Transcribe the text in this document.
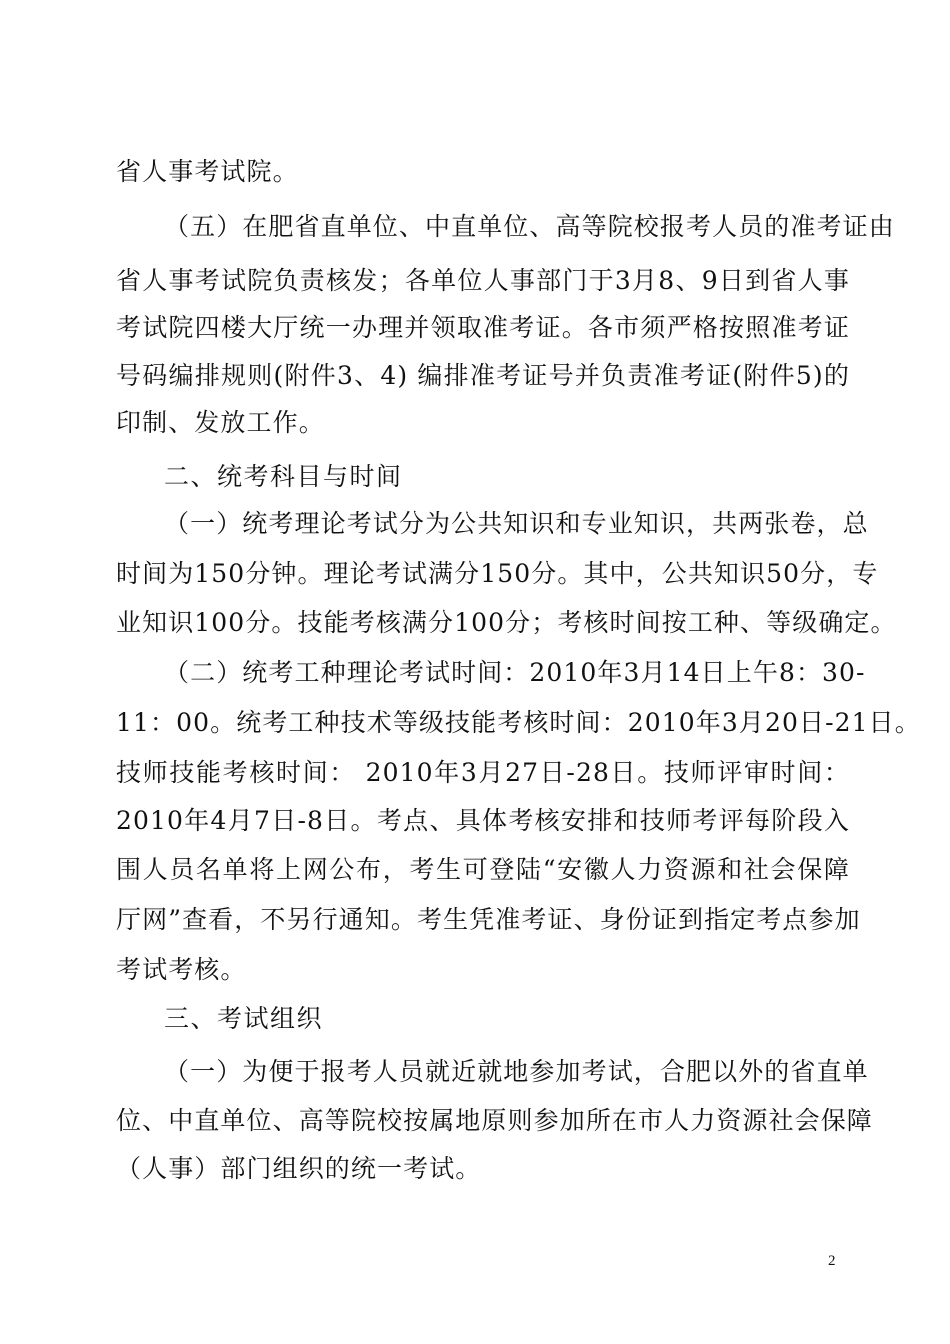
省人事考试院。
（五）在肥省直单位、中直单位、高等院校报考人员的准考证由
省人事考试院负责核发；各单位人事部门于3月8、9日到省人事
考试院四楼大厅统一办理并领取准考证。各市须严格按照准考证
号码编排规则(附件3、4) 编排准考证号并负责准考证(附件5)的
印制、发放工作。
二、统考科目与时间
（一）统考理论考试分为公共知识和专业知识，共两张卷，总
时间为150分钟。理论考试满分150分。其中，公共知识50分，专
业知识100分。技能考核满分100分；考核时间按工种、等级确定。
（二）统考工种理论考试时间：2010年3月14日上午8：30-
11：00。统考工种技术等级技能考核时间：2010年3月20日-21日。
技师技能考核时间： 2010年3月27日-28日。技师评审时间：
2010年4月7日-8日。考点、具体考核安排和技师考评每阶段入
围人员名单将上网公布，考生可登陆“安徽人力资源和社会保障
厅网”查看，不另行通知。考生凭准考证、身份证到指定考点参加
考试考核。
三、考试组织
（一）为便于报考人员就近就地参加考试，合肥以外的省直单
位、中直单位、高等院校按属地原则参加所在市人力资源社会保障
（人事）部门组织的统一考试。
2
